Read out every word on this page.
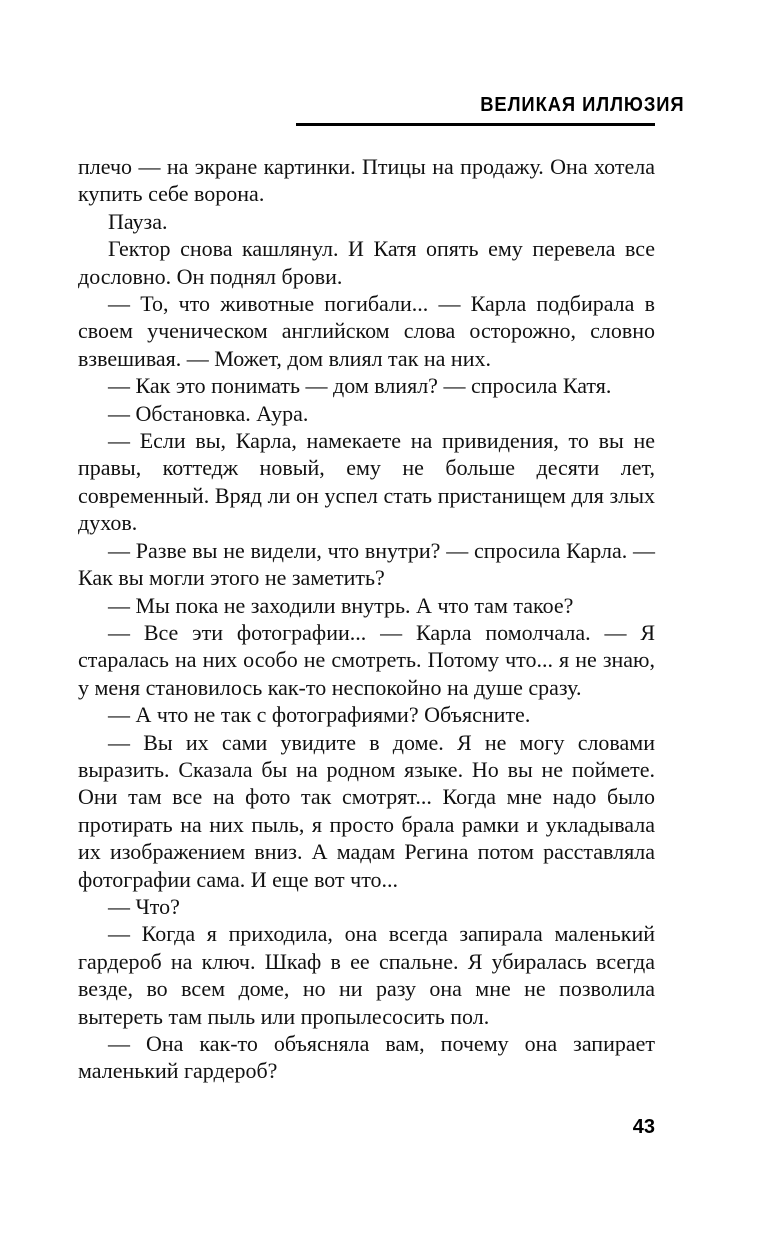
ВЕЛИКАЯ ИЛЛЮЗИЯ

плечо — на экране картинки. Птицы на продажу. Она хотела купить себе ворона.

Пауза.

Гектор снова кашлянул. И Катя опять ему перевела все дословно. Он поднял брови.

— То, что животные погибали... — Карла подбирала в своем ученическом английском слова осторожно, словно взвешивая. — Может, дом влиял так на них.

— Как это понимать — дом влиял? — спросила Катя.

— Обстановка. Аура.

— Если вы, Карла, намекаете на привидения, то вы не правы, коттедж новый, ему не больше десяти лет, современный. Вряд ли он успел стать пристанищем для злых духов.

— Разве вы не видели, что внутри? — спросила Карла. — Как вы могли этого не заметить?

— Мы пока не заходили внутрь. А что там такое?

— Все эти фотографии... — Карла помолчала. — Я старалась на них особо не смотреть. Потому что... я не знаю, у меня становилось как-то неспокойно на душе сразу.

— А что не так с фотографиями? Объясните.

— Вы их сами увидите в доме. Я не могу словами выразить. Сказала бы на родном языке. Но вы не поймете. Они там все на фото так смотрят... Когда мне надо было протирать на них пыль, я просто брала рамки и укладывала их изображением вниз. А мадам Регина потом расставляла фотографии сама. И еще вот что...

— Что?

— Когда я приходила, она всегда запирала маленький гардероб на ключ. Шкаф в ее спальне. Я убиралась всегда везде, во всем доме, но ни разу она мне не позволила вытереть там пыль или пропылесосить пол.

— Она как-то объясняла вам, почему она запирает маленький гардероб?

43
